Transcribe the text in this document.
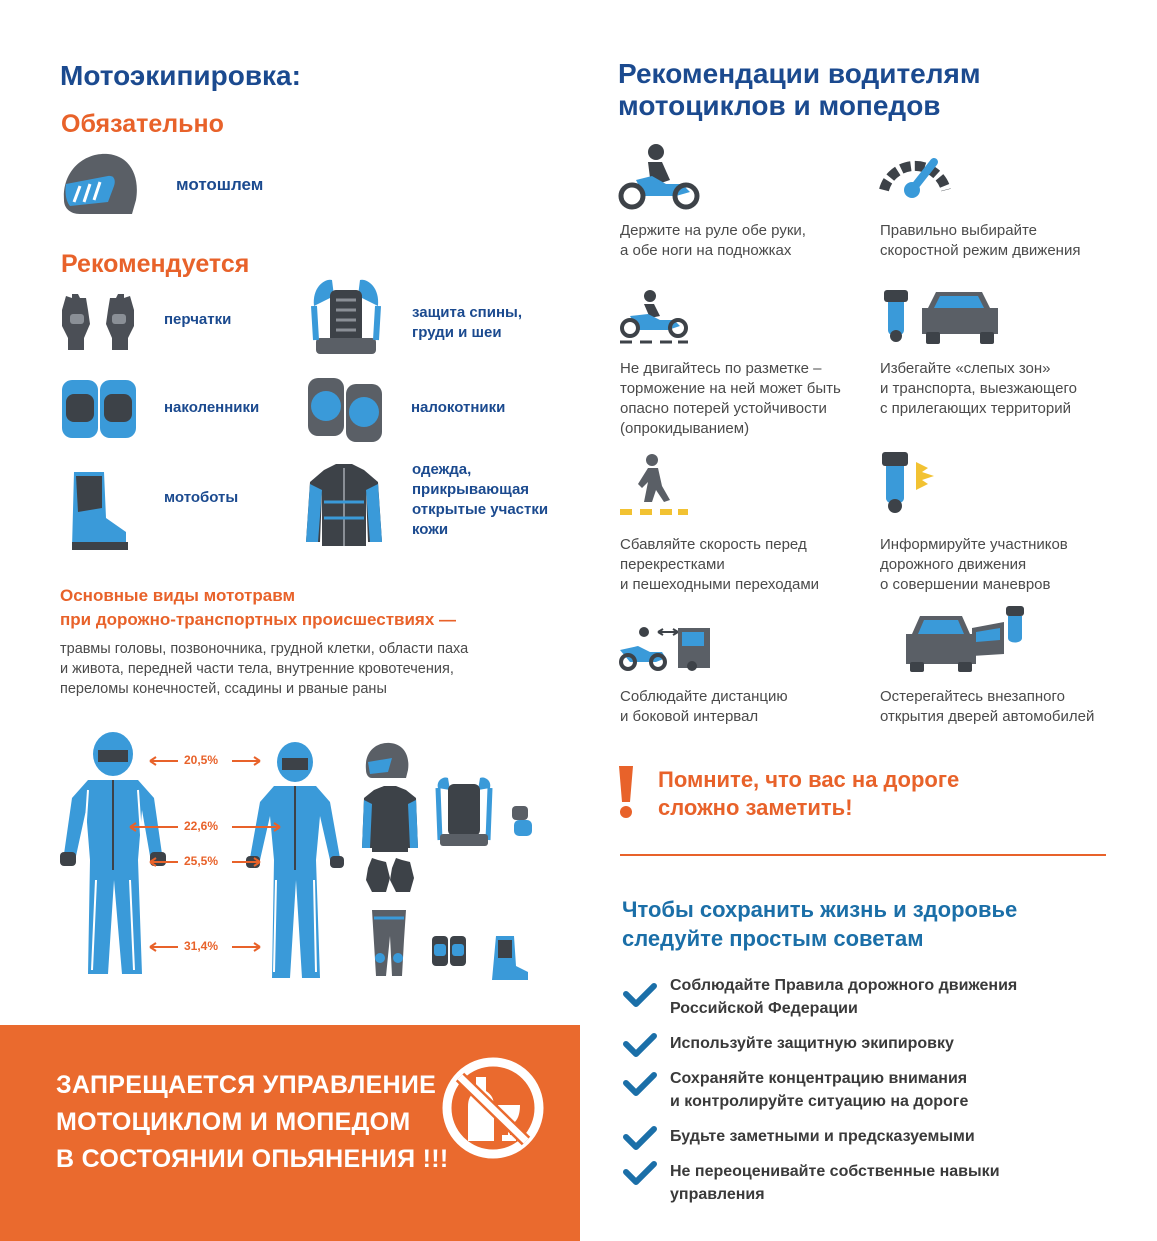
Мотоэкипировка:
Обязательно
мотошлем
Рекомендуется
перчатки	защита спины, груди и шеи
наколенники	налокотники
мотоботы
одежда, прикрывающая открытые участки кожи
Основные виды мототравм
при дорожно-транспортных происшествиях —
травмы головы, позвоночника, грудной клетки, области паха
и живота, передней части тела, внутренние кровотечения,
переломы конечностей, ссадины и рваные раны
20,5%
22,6%
25,5%
31,4%
ЗАПРЕЩАЕТСЯ УПРАВЛЕНИЕ
МОТОЦИКЛОМ И МОПЕДОМ
В СОСТОЯНИИ ОПЬЯНЕНИЯ !!!
Рекомендации водителям
мотоциклов и мопедов
Держите на руле обе руки,
а обе ноги на подножках
Правильно выбирайте
скоростной режим движения
Не двигайтесь по разметке –
торможение на ней может быть
опасно потерей устойчивости
(опрокидыванием)
Избегайте «слепых зон»
и транспорта, выезжающего
с прилегающих территорий
Сбавляйте скорость перед
перекрестками
и пешеходными переходами
Информируйте участников
дорожного движения
о совершении маневров
Соблюдайте дистанцию
и боковой интервал
Остерегайтесь внезапного
открытия дверей автомобилей
Помните, что вас на дороге
сложно заметить!
Чтобы сохранить жизнь и здоровье
следуйте простым советам
Соблюдайте Правила дорожного движения
Российской Федерации
Используйте защитную экипировку
Сохраняйте концентрацию внимания
и контролируйте ситуацию на дороге
Будьте заметными и предсказуемыми
Не переоценивайте собственные навыки
управления
